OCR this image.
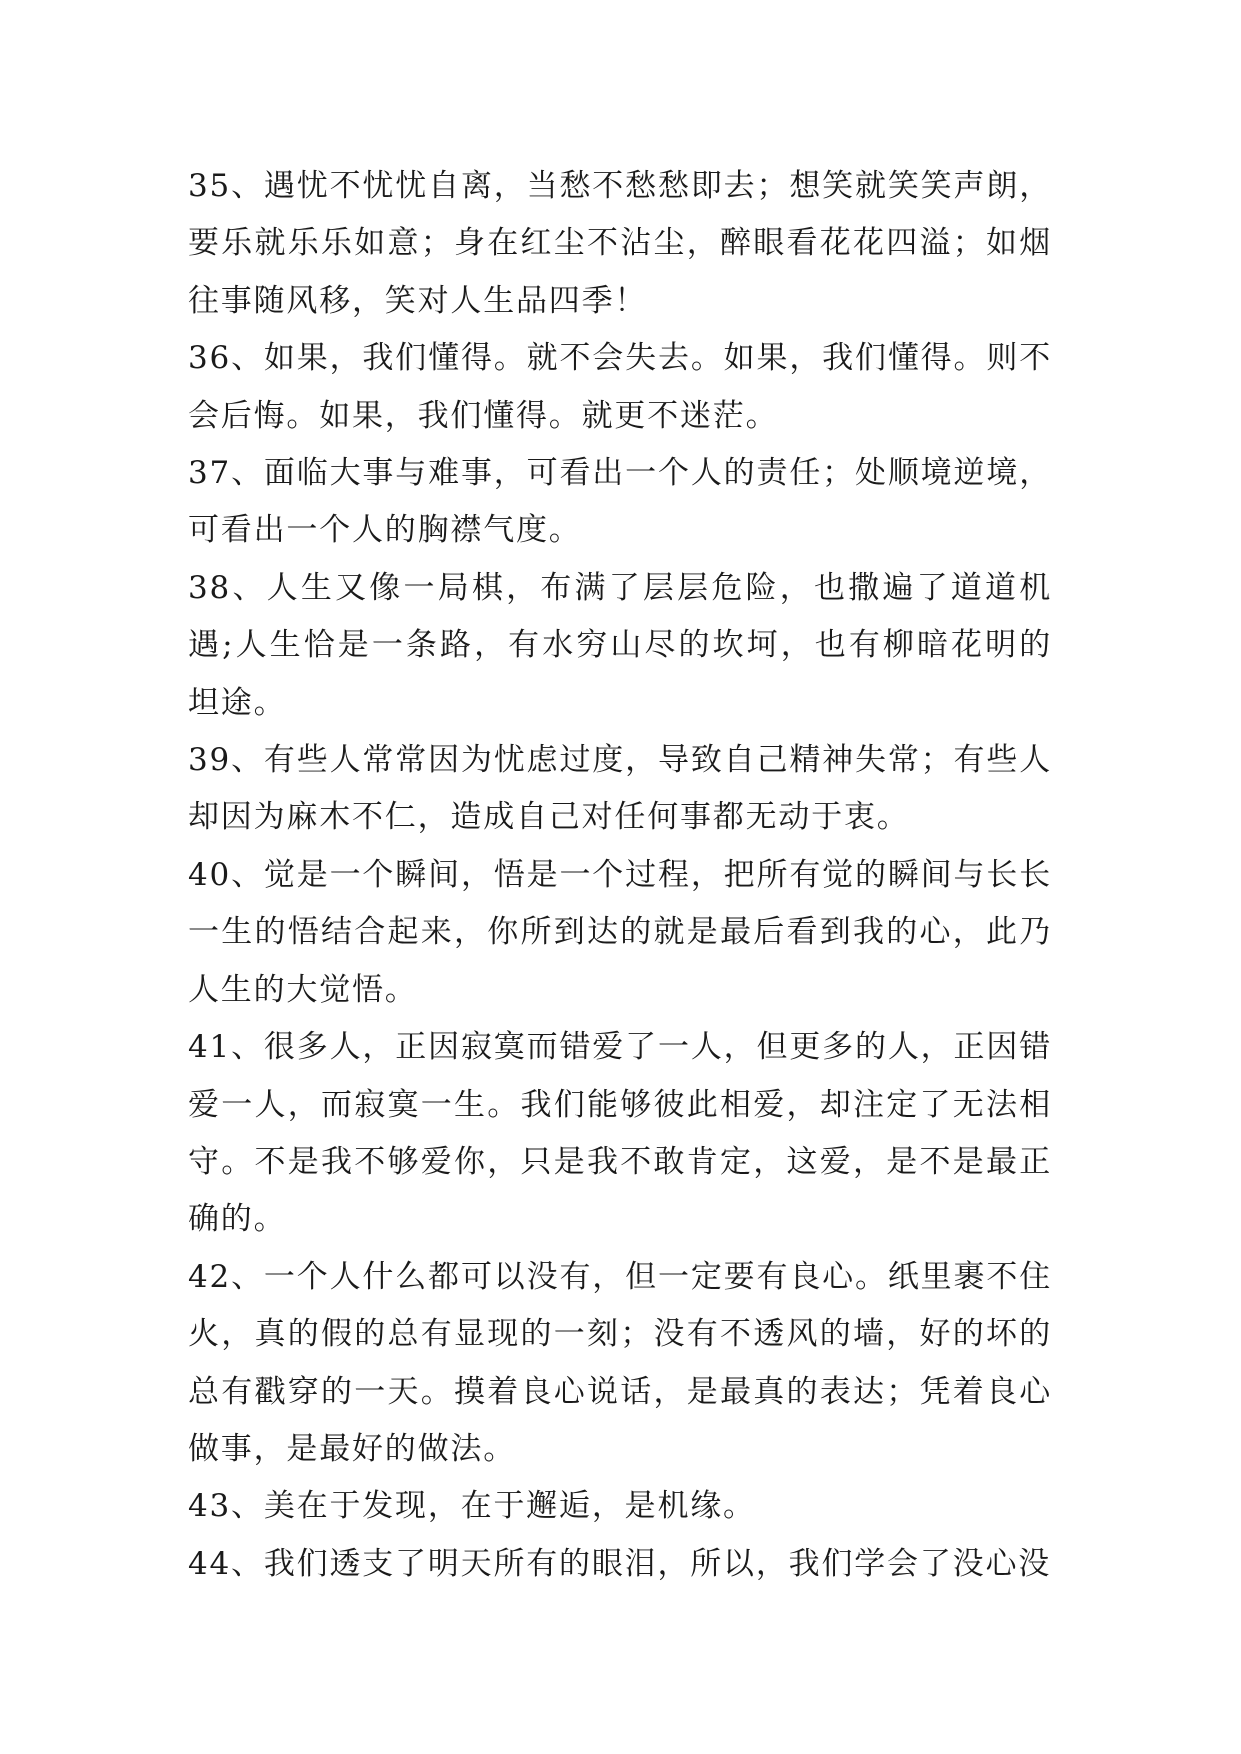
35、遇忧不忧忧自离，当愁不愁愁即去；想笑就笑笑声朗，要乐就乐乐如意；身在红尘不沾尘，醉眼看花花四溢；如烟往事随风移，笑对人生品四季！

36、如果，我们懂得。就不会失去。如果，我们懂得。则不会后悔。如果，我们懂得。就更不迷茫。

37、面临大事与难事，可看出一个人的责任；处顺境逆境，可看出一个人的胸襟气度。

38、人生又像一局棋，布满了层层危险，也撒遍了道道机遇;人生恰是一条路，有水穷山尽的坎坷，也有柳暗花明的坦途。

39、有些人常常因为忧虑过度，导致自己精神失常；有些人却因为麻木不仁，造成自己对任何事都无动于衷。

40、觉是一个瞬间，悟是一个过程，把所有觉的瞬间与长长一生的悟结合起来，你所到达的就是最后看到我的心，此乃人生的大觉悟。

41、很多人，正因寂寞而错爱了一人，但更多的人，正因错爱一人，而寂寞一生。我们能够彼此相爱，却注定了无法相守。不是我不够爱你，只是我不敢肯定，这爱，是不是最正确的。

42、一个人什么都可以没有，但一定要有良心。纸里裹不住火，真的假的总有显现的一刻；没有不透风的墙，好的坏的总有戳穿的一天。摸着良心说话，是最真的表达；凭着良心做事，是最好的做法。

43、美在于发现，在于邂逅，是机缘。

44、我们透支了明天所有的眼泪，所以，我们学会了没心没
